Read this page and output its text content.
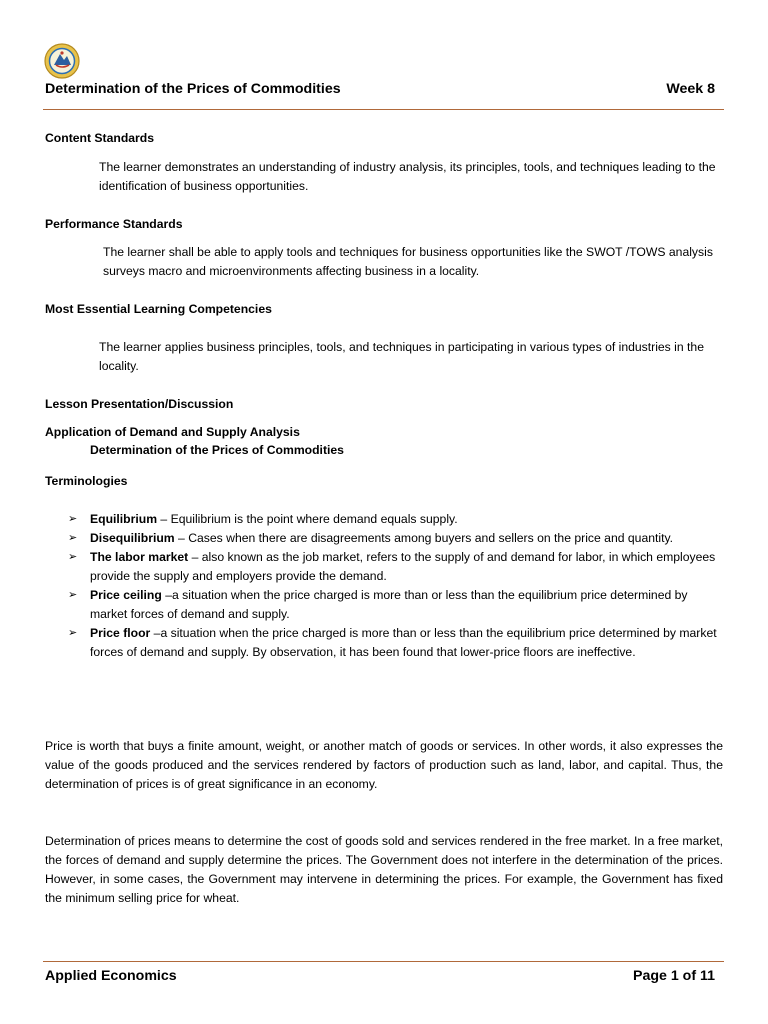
Determination of the Prices of Commodities	Week 8
Content Standards
The learner demonstrates an understanding of industry analysis, its principles, tools, and techniques leading to the identification of business opportunities.
Performance Standards
The learner shall be able to apply tools and techniques for business opportunities like the SWOT /TOWS analysis surveys macro and microenvironments affecting business in a locality.
Most Essential Learning Competencies
The learner applies business principles, tools, and techniques in participating in various types of industries in the locality.
Lesson Presentation/Discussion
Application of Demand and Supply Analysis
Determination of the Prices of Commodities
Terminologies
➢ Equilibrium – Equilibrium is the point where demand equals supply.
➢ Disequilibrium – Cases when there are disagreements among buyers and sellers on the price and quantity.
➢ The labor market – also known as the job market, refers to the supply of and demand for labor, in which employees provide the supply and employers provide the demand.
➢ Price ceiling –a situation when the price charged is more than or less than the equilibrium price determined by market forces of demand and supply.
➢ Price floor –a situation when the price charged is more than or less than the equilibrium price determined by market forces of demand and supply. By observation, it has been found that lower-price floors are ineffective.
Price is worth that buys a finite amount, weight, or another match of goods or services. In other words, it also expresses the value of the goods produced and the services rendered by factors of production such as land, labor, and capital. Thus, the determination of prices is of great significance in an economy.
Determination of prices means to determine the cost of goods sold and services rendered in the free market. In a free market, the forces of demand and supply determine the prices. The Government does not interfere in the determination of the prices. However, in some cases, the Government may intervene in determining the prices. For example, the Government has fixed the minimum selling price for wheat.
Applied Economics	Page 1 of 11
